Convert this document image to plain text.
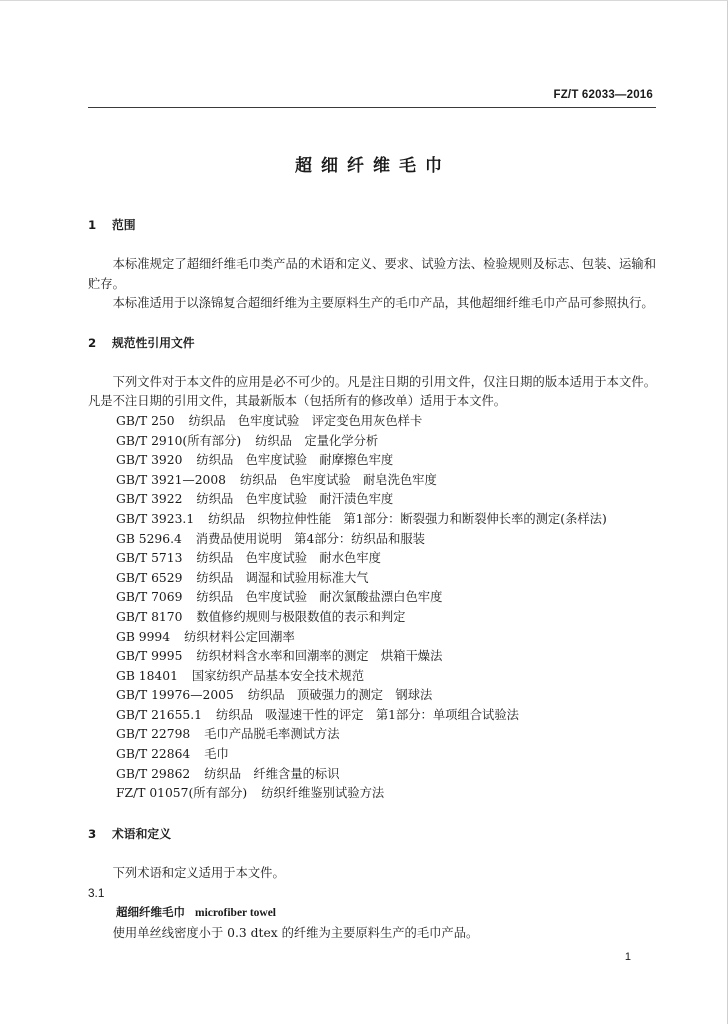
FZ/T 62033—2016
超细纤维毛巾
1 范围

本标准规定了超细纤维毛巾类产品的术语和定义、要求、试验方法、检验规则及标志、包装、运输和贮存。

本标准适用于以涤锦复合超细纤维为主要原料生产的毛巾产品，其他超细纤维毛巾产品可参照执行。

2 规范性引用文件

下列文件对于本文件的应用是必不可少的。凡是注日期的引用文件，仅注日期的版本适用于本文件。凡是不注日期的引用文件，其最新版本（包括所有的修改单）适用于本文件。

GB/T 250 纺织品　色牢度试验　评定变色用灰色样卡
GB/T 2910(所有部分) 纺织品　定量化学分析
GB/T 3920 纺织品　色牢度试验　耐摩擦色牢度
GB/T 3921—2008 纺织品　色牢度试验　耐皂洗色牢度
GB/T 3922 纺织品　色牢度试验　耐汗渍色牢度
GB/T 3923.1 纺织品　织物拉伸性能　第1部分：断裂强力和断裂伸长率的测定(条样法)
GB 5296.4 消费品使用说明　第4部分：纺织品和服装
GB/T 5713 纺织品　色牢度试验　耐水色牢度
GB/T 6529 纺织品　调湿和试验用标准大气
GB/T 7069 纺织品　色牢度试验　耐次氯酸盐漂白色牢度
GB/T 8170 数值修约规则与极限数值的表示和判定
GB 9994 纺织材料公定回潮率
GB/T 9995 纺织材料含水率和回潮率的测定　烘箱干燥法
GB 18401 国家纺织产品基本安全技术规范
GB/T 19976—2005 纺织品　顶破强力的测定　钢球法
GB/T 21655.1 纺织品　吸湿速干性的评定　第1部分：单项组合试验法
GB/T 22798 毛巾产品脱毛率测试方法
GB/T 22864 毛巾
GB/T 29862 纺织品　纤维含量的标识
FZ/T 01057(所有部分) 纺织纤维鉴别试验方法
3 术语和定义

下列术语和定义适用于本文件。

3.1
超细纤维毛巾 microfiber towel

使用单丝线密度小于 0.3 dtex 的纤维为主要原料生产的毛巾产品。

1
